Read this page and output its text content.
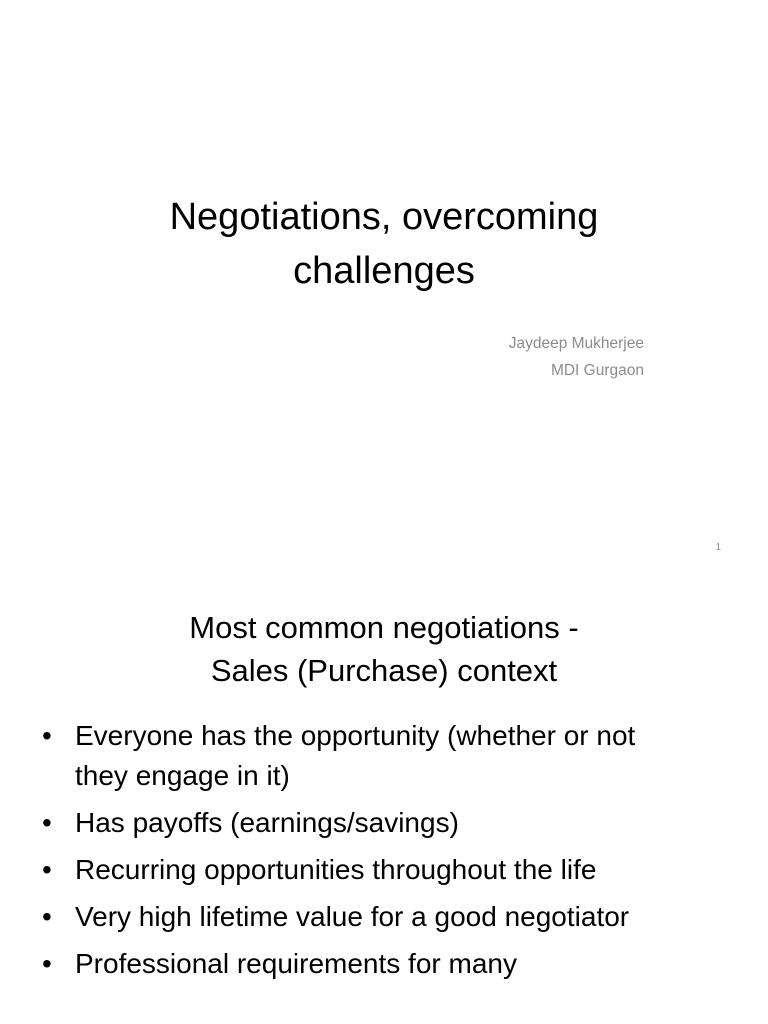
Negotiations, overcoming
challenges
Jaydeep Mukherjee
MDI Gurgaon
1
Most common negotiations -
Sales (Purchase) context
• Everyone has the opportunity (whether or not
they engage in it)
• Has payoffs (earnings/savings)
• Recurring opportunities throughout the life
• Very high lifetime value for a good negotiator
• Professional requirements for many
